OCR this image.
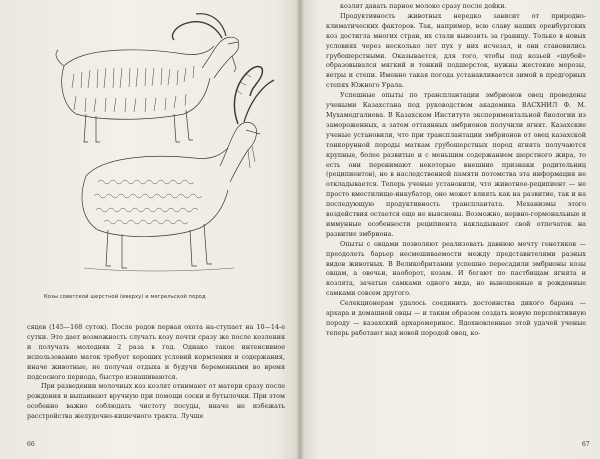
Козы советской шерстной (вверху) и мегрельской пород

сяцев (145—168 суток). После родов первая охота на-ступает на 10—14-е сутки. Это дает возможность случать козу почти сразу же после козления и получать молодняк 2 раза в год. Однако такое интенсивное использование маток требует хороших условий кормления и содержания, иначе животные, не получая отдыха и будучи беременными во время подсосного периода, быстро изнашиваются.

При разведении молочных коз козлят отнимают от матери сразу после рождения и выпаивают вручную при помощи соски и бутылочки. При этом особенно важно соблюдать чистоту посуды, иначе не избежать расстройства желудочно-кишечного тракта. Лучше

66

козлят давать парное молоко сразу после дойки.

Продуктивность животных нередко зависит от природно-климатических факторов. Так, например, всю славу наших оренбургских коз достигла многих стран, их стали вывозить за границу. Только в новых условиях через несколько лет пух у них исчезал, и они становились грубошерстными. Оказывается, для того, чтобы под козьей «шубой» образовывался мягкий и тонкий подшерсток, нужны жестокие морозы, ветры и степи. Именно такая погода устанавливается зимой в предгорных степях Южного Урала.

Успешные опыты по трансплантации эмбрионов овец проведены учеными Казахстана под руководством академика ВАСХНИЛ Ф. М. Мухамедгалиева. В Казахском Институте экспериментальной биологии из замороженных, а затем оттаянных эмбрионов получили ягнят. Казахские ученые установили, что при трансплантации эмбрионов от овец казахской тонкорунной породы маткам грубошерстных пород ягнята получаются крупные, более развитые и с меньшим содержанием шерстного жира, то есть они перенимают некоторые внешние признаки родительниц (реципиентов), но в наследственной памяти потомства эта информация не откладывается. Теперь ученые установили, что животное-реципиент — не просто вместилище-инкубатор, оно может влиять как на развитие, так и на последующую продуктивность трансплантата. Механизмы этого воздействия остается еще не выяснены. Возможно, нервно-гормональные и иммунные особенности реципиента накладывают свой отпечаток на развитие эмбриона.

Опыты с овцами позволяют реализовать давнюю мечту генетиков — преодолеть барьер несмешиваемости между представителями разных видов животных. В Великобритании успешно пересадили эмбрионы козы овцам, а овечьи, наоборот, козам. И бегают по пастбищам ягнята и козлята, зачатые самками одного вида, но выношенные и рожденные самками совсем другого.

Селекционерам удалось соединить достоинства дикого барана — архара и домашней овцы — и таким образом создать новую перспективную породу — казахский архаромеринос. Вдохновленные этой удачей ученые теперь работают над новой породой овец, ко-

67
